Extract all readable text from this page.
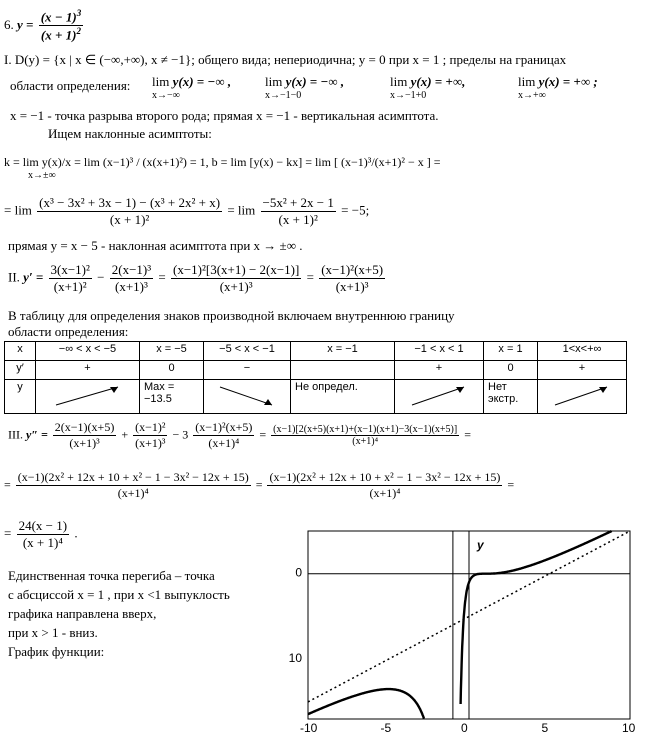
6. $y = \frac{(x - 1)^3}{(x + 1)^2}$
I. D(y) = {x | x ∈ (−∞,+∞), x ≠ −1}; общего вида; непериодична; y = 0 при x = 1 ; пределы на границах
области определения: lim y(x) = −∞ ,
x→−∞
lim y(x) = −∞ ,
x→−1−0
lim y(x) = +∞,
x→−1+0
lim y(x) = +∞ ;
x→+∞
x = −1 - точка разрыва второго рода; прямая x = −1 - вертикальная асимптота.
Ищем наклонные асимптоты:
k = lim y(x)/x = lim (x−1)³ / (x(x+1)²) = 1, b = lim [y(x) − kx] = lim [ (x−1)³/(x+1)² − x ] =
x→±∞
= $\lim \frac{\text{(x³ − 3x² + 3x − 1) − (x³ + 2x² + x)}}{\text{(x + 1)²}} = \lim \frac{\text{−5x² + 2x − 1}}{\text{(x + 1)²}} = -5$;
прямая y = x − 5 - наклонная асимптота при x → ±∞ .
II. $y' = \frac{\text{3(x−1)²}}{\text{(x+1)²}} - \frac{\text{2(x−1)³}}{\text{(x+1)³}} = \frac{\text{(x−1)²[3(x+1) − 2(x−1)]}}{\text{(x+1)³}} = \frac{\text{(x−1)²(x+5)}}{\text{(x+1)³}}$
В таблицу для определения знаков производной включаем внутреннюю границу
области определения:
x	−∞ < x < −5	x = −5	−5 < x < −1	x = −1	−1 < x < 1	x = 1	1<x<+∞
y′	+	0	−		+	0	+
y		Max = −13.5		Не определ.		Нет экстр.	
III. $y'' = \frac{2(x-1)(x+5)}{\text{(x+1)³}} + \frac{\text{(x−1)²}}{\text{(x+1)³}} - 3 \frac{\text{(x−1)²(x+5)}}{\text{(x+1)⁴}} = \frac{(x-1)[2(x+5)(x+1)+(x-1)(x+1)-3(x-1)(x+5)]}{\text{(x+1)⁴}}$ =
= $\frac{\text{(x−1)(2x² + 12x + 10 + x² − 1 − 3x² − 12x + 15)}}{\text{(x+1)⁴}} = \frac{\text{(x−1)(2x² + 12x + 10 + x² − 1 − 3x² − 12x + 15)}}{\text{(x+1)⁴}}$ =
= $\frac{24(x - 1)}{\text{(x + 1)⁴}}$ .
Единственная точка перегиба – точка
с абсциссой x = 1 , при x <1 выпуклость
графика направлена вверх,
при x > 1 - вниз.
График функции:
y
-10	-5	0	5	10
0
10
